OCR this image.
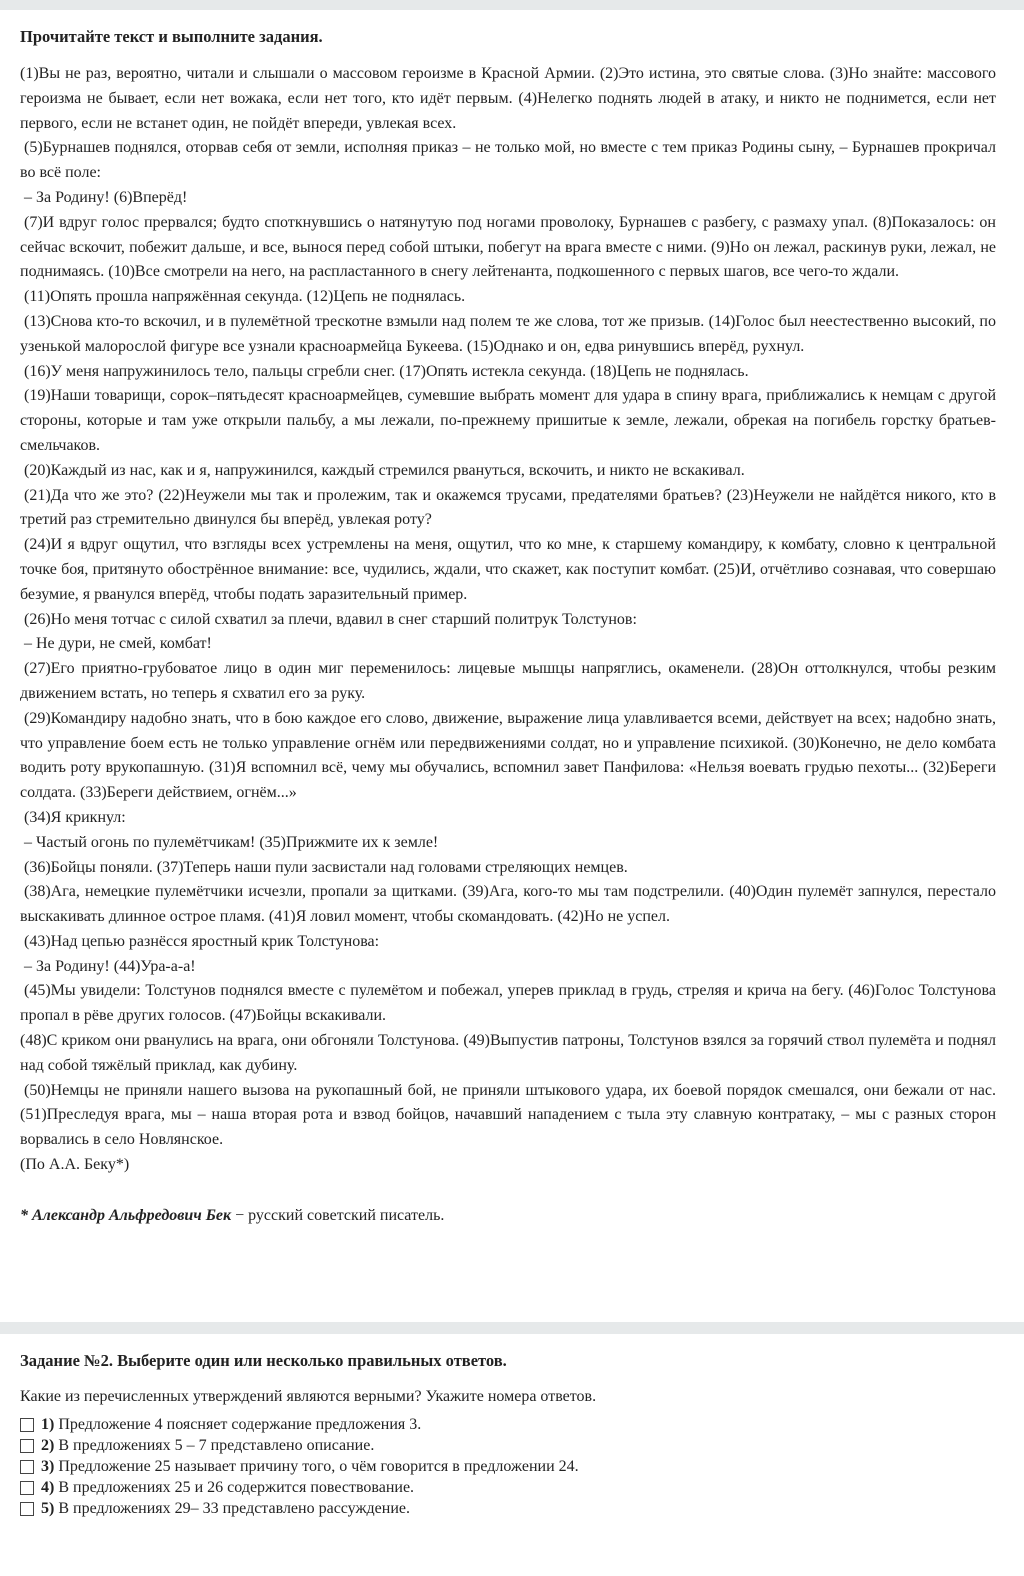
Прочитайте текст и выполните задания.

(1)Вы не раз, вероятно, читали и слышали о массовом героизме в Красной Армии. (2)Это истина, это святые слова. (3)Но знайте: массового героизма не бывает, если нет вожака, если нет того, кто идёт первым. (4)Нелегко поднять людей в атаку, и никто не поднимется, если нет первого, если не встанет один, не пойдёт впереди, увлекая всех.

(5)Бурнашев поднялся, оторвав себя от земли, исполняя приказ – не только мой, но вместе с тем приказ Родины сыну, – Бурнашев прокричал во всё поле:

– За Родину! (6)Вперёд!

(7)И вдруг голос прервался; будто споткнувшись о натянутую под ногами проволоку, Бурнашев с разбегу, с размаху упал. (8)Показалось: он сейчас вскочит, побежит дальше, и все, вынося перед собой штыки, побегут на врага вместе с ними. (9)Но он лежал, раскинув руки, лежал, не поднимаясь. (10)Все смотрели на него, на распластанного в снегу лейтенанта, подкошенного с первых шагов, все чего-то ждали.

(11)Опять прошла напряжённая секунда. (12)Цепь не поднялась.

(13)Снова кто-то вскочил, и в пулемётной трескотне взмыли над полем те же слова, тот же призыв. (14)Голос был неестественно высокий, по узенькой малорослой фигуре все узнали красноармейца Букеева. (15)Однако и он, едва ринувшись вперёд, рухнул.

(16)У меня напружинилось тело, пальцы сгребли снег. (17)Опять истекла секунда. (18)Цепь не поднялась.

(19)Наши товарищи, сорок–пятьдесят красноармейцев, сумевшие выбрать момент для удара в спину врага, приближались к немцам с другой стороны, которые и там уже открыли пальбу, а мы лежали, по-прежнему пришитые к земле, лежали, обрекая на погибель горстку братьев-смельчаков.

(20)Каждый из нас, как и я, напружинился, каждый стремился рвануться, вскочить, и никто не вскакивал.

(21)Да что же это? (22)Неужели мы так и пролежим, так и окажемся трусами, предателями братьев? (23)Неужели не найдётся никого, кто в третий раз стремительно двинулся бы вперёд, увлекая роту?

(24)И я вдруг ощутил, что взгляды всех устремлены на меня, ощутил, что ко мне, к старшему командиру, к комбату, словно к центральной точке боя, притянуто обострённое внимание: все, чудились, ждали, что скажет, как поступит комбат. (25)И, отчётливо сознавая, что совершаю безумие, я рванулся вперёд, чтобы подать заразительный пример.

(26)Но меня тотчас с силой схватил за плечи, вдавил в снег старший политрук Толстунов:

– Не дури, не смей, комбат!

(27)Его приятно-грубоватое лицо в один миг переменилось: лицевые мышцы напряглись, окаменели. (28)Он оттолкнулся, чтобы резким движением встать, но теперь я схватил его за руку.

(29)Командиру надобно знать, что в бою каждое его слово, движение, выражение лица улавливается всеми, действует на всех; надобно знать, что управление боем есть не только управление огнём или передвижениями солдат, но и управление психикой. (30)Конечно, не дело комбата водить роту врукопашную. (31)Я вспомнил всё, чему мы обучались, вспомнил завет Панфилова: «Нельзя воевать грудью пехоты... (32)Береги солдата. (33)Береги действием, огнём...»

(34)Я крикнул:

– Частый огонь по пулемётчикам! (35)Прижмите их к земле!

(36)Бойцы поняли. (37)Теперь наши пули засвистали над головами стреляющих немцев.

(38)Ага, немецкие пулемётчики исчезли, пропали за щитками. (39)Ага, кого-то мы там подстрелили. (40)Один пулемёт запнулся, перестало выскакивать длинное острое пламя. (41)Я ловил момент, чтобы скомандовать. (42)Но не успел.

(43)Над цепью разнёсся яростный крик Толстунова:

– За Родину! (44)Ура-а-а!

(45)Мы увидели: Толстунов поднялся вместе с пулемётом и побежал, уперев приклад в грудь, стреляя и крича на бегу. (46)Голос Толстунова пропал в рёве других голосов. (47)Бойцы вскакивали.

(48)С криком они рванулись на врага, они обгоняли Толстунова. (49)Выпустив патроны, Толстунов взялся за горячий ствол пулемёта и поднял над собой тяжёлый приклад, как дубину.

(50)Немцы не приняли нашего вызова на рукопашный бой, не приняли штыкового удара, их боевой порядок смешался, они бежали от нас. (51)Преследуя врага, мы – наша вторая рота и взвод бойцов, начавший нападением с тыла эту славную контратаку, – мы с разных сторон ворвались в село Новлянское.

(По А.А. Беку*)

* Александр Альфредович Бек − русский советский писатель.

Задание №2. Выберите один или несколько правильных ответов.

Какие из перечисленных утверждений являются верными? Укажите номера ответов.

1) Предложение 4 поясняет содержание предложения 3.
2) В предложениях 5 – 7 представлено описание.
3) Предложение 25 называет причину того, о чём говорится в предложении 24.
4) В предложениях 25 и 26 содержится повествование.
5) В предложениях 29– 33 представлено рассуждение.
